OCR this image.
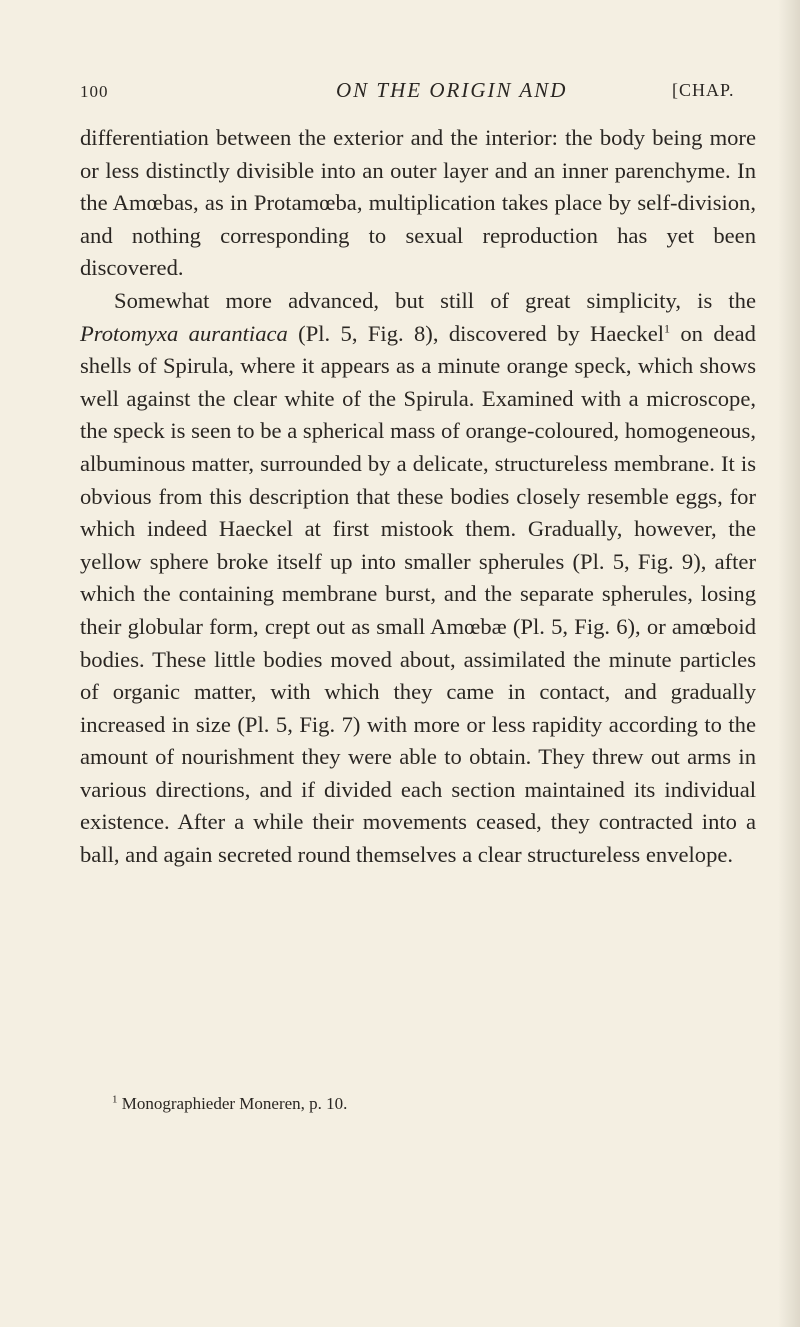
100	ON THE ORIGIN AND	[CHAP.

differentiation between the exterior and the interior: the body being more or less distinctly divisible into an outer layer and an inner parenchyme. In the Amœbas, as in Protamœba, multiplication takes place by self-division, and nothing corresponding to sexual reproduction has yet been discovered.

Somewhat more advanced, but still of great simplicity, is the Protomyxa aurantiaca (Pl. 5, Fig. 8), discovered by Haeckel$^1$ on dead shells of Spirula, where it appears as a minute orange speck, which shows well against the clear white of the Spirula. Examined with a microscope, the speck is seen to be a spherical mass of orange-coloured, homogeneous, albuminous matter, surrounded by a delicate, structureless membrane. It is obvious from this description that these bodies closely resemble eggs, for which indeed Haeckel at first mistook them. Gradually, however, the yellow sphere broke itself up into smaller spherules (Pl. 5, Fig. 9), after which the containing membrane burst, and the separate spherules, losing their globular form, crept out as small Amœbæ (Pl. 5, Fig. 6), or amœboid bodies. These little bodies moved about, assimilated the minute particles of organic matter, with which they came in contact, and gradually increased in size (Pl. 5, Fig. 7) with more or less rapidity according to the amount of nourishment they were able to obtain. They threw out arms in various directions, and if divided each section maintained its individual existence. After a while their movements ceased, they contracted into a ball, and again secreted round themselves a clear structureless envelope.

$^1$ Monographieder Moneren, p. 10.
